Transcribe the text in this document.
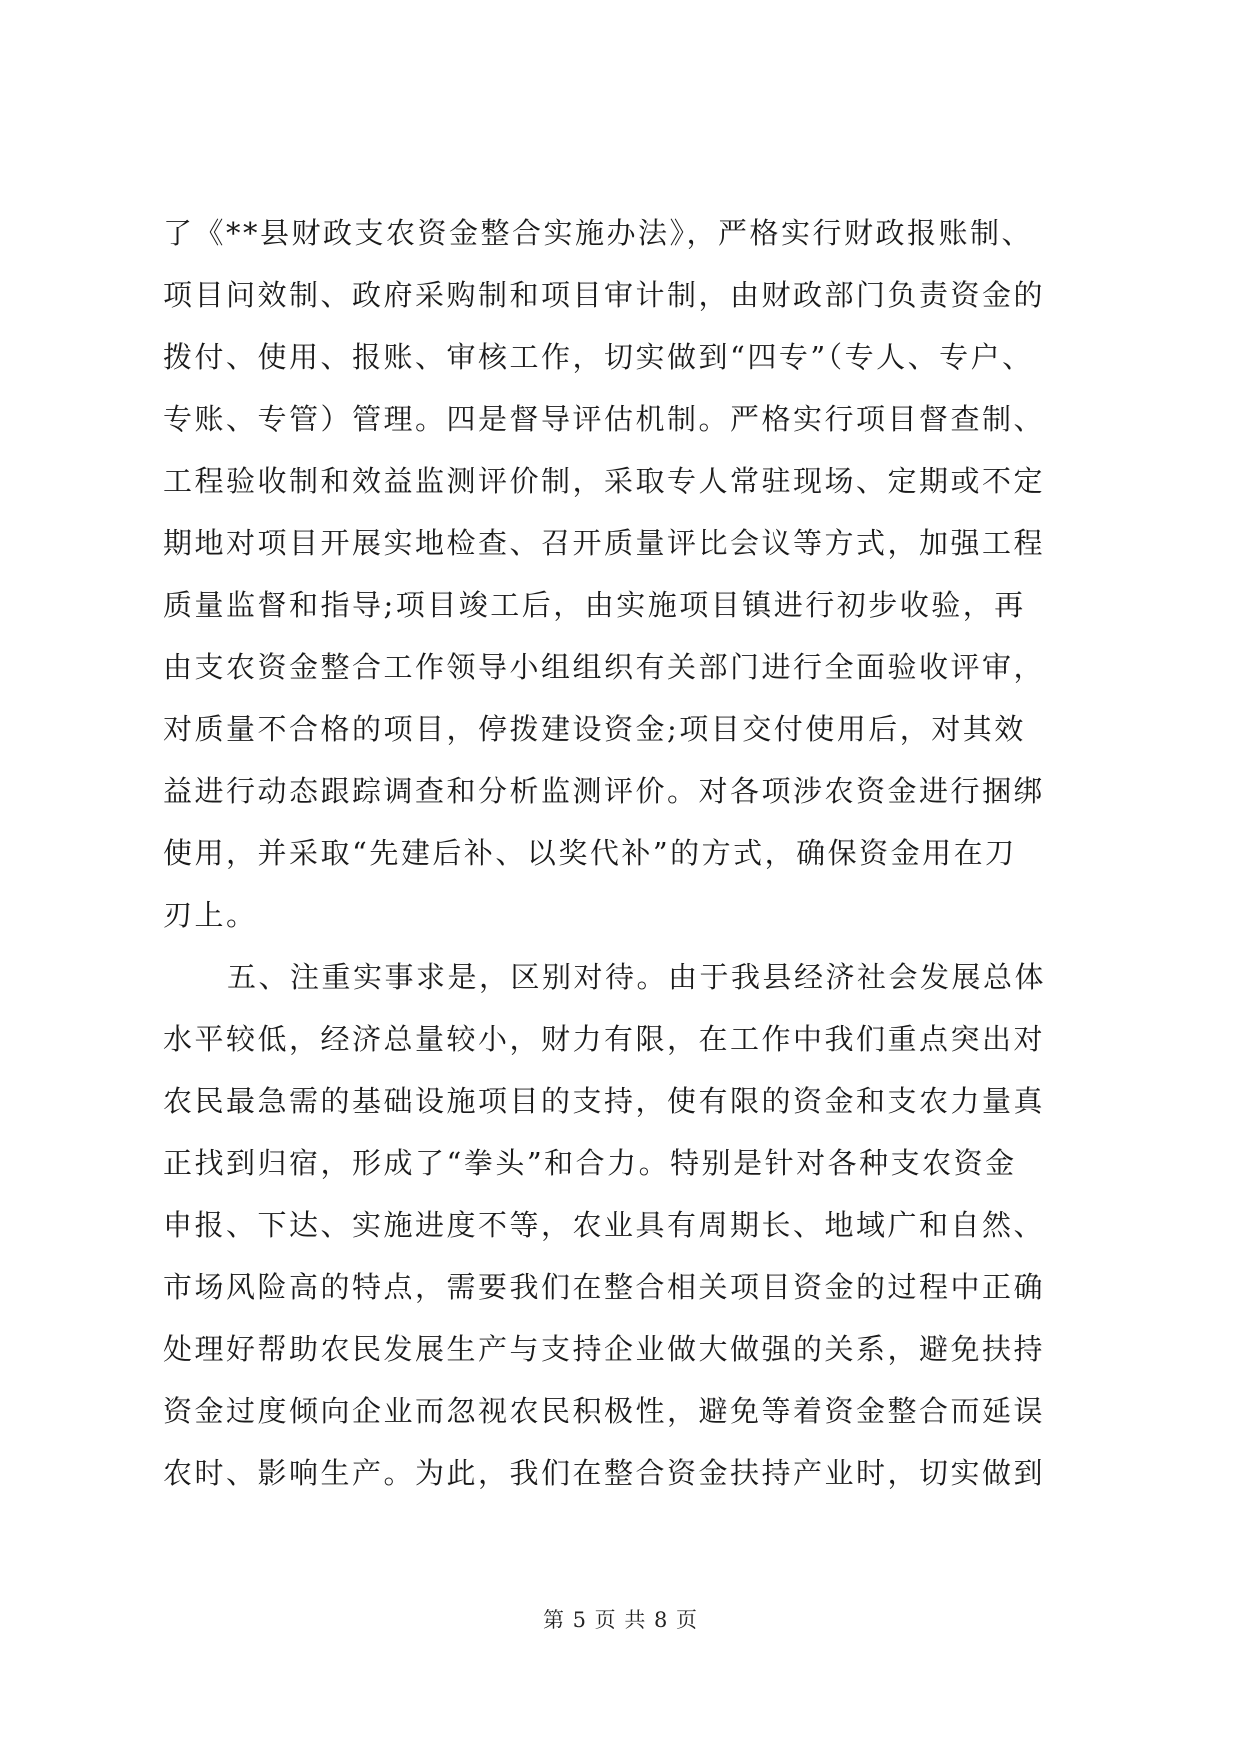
了《**县财政支农资金整合实施办法》，严格实行财政报账制、
项目问效制、政府采购制和项目审计制，由财政部门负责资金的
拨付、使用、报账、审核工作，切实做到“四专”（专人、专户、
专账、专管）管理。四是督导评估机制。严格实行项目督查制、
工程验收制和效益监测评价制，采取专人常驻现场、定期或不定
期地对项目开展实地检查、召开质量评比会议等方式，加强工程
质量监督和指导;项目竣工后，由实施项目镇进行初步收验，再
由支农资金整合工作领导小组组织有关部门进行全面验收评审，
对质量不合格的项目，停拨建设资金;项目交付使用后，对其效
益进行动态跟踪调查和分析监测评价。对各项涉农资金进行捆绑
使用，并采取“先建后补、以奖代补”的方式，确保资金用在刀
刃上。
五、注重实事求是，区别对待。由于我县经济社会发展总体
水平较低，经济总量较小，财力有限，在工作中我们重点突出对
农民最急需的基础设施项目的支持，使有限的资金和支农力量真
正找到归宿，形成了“拳头”和合力。特别是针对各种支农资金
申报、下达、实施进度不等，农业具有周期长、地域广和自然、
市场风险高的特点，需要我们在整合相关项目资金的过程中正确
处理好帮助农民发展生产与支持企业做大做强的关系，避免扶持
资金过度倾向企业而忽视农民积极性，避免等着资金整合而延误
农时、影响生产。为此，我们在整合资金扶持产业时，切实做到
第 5 页 共 8 页
